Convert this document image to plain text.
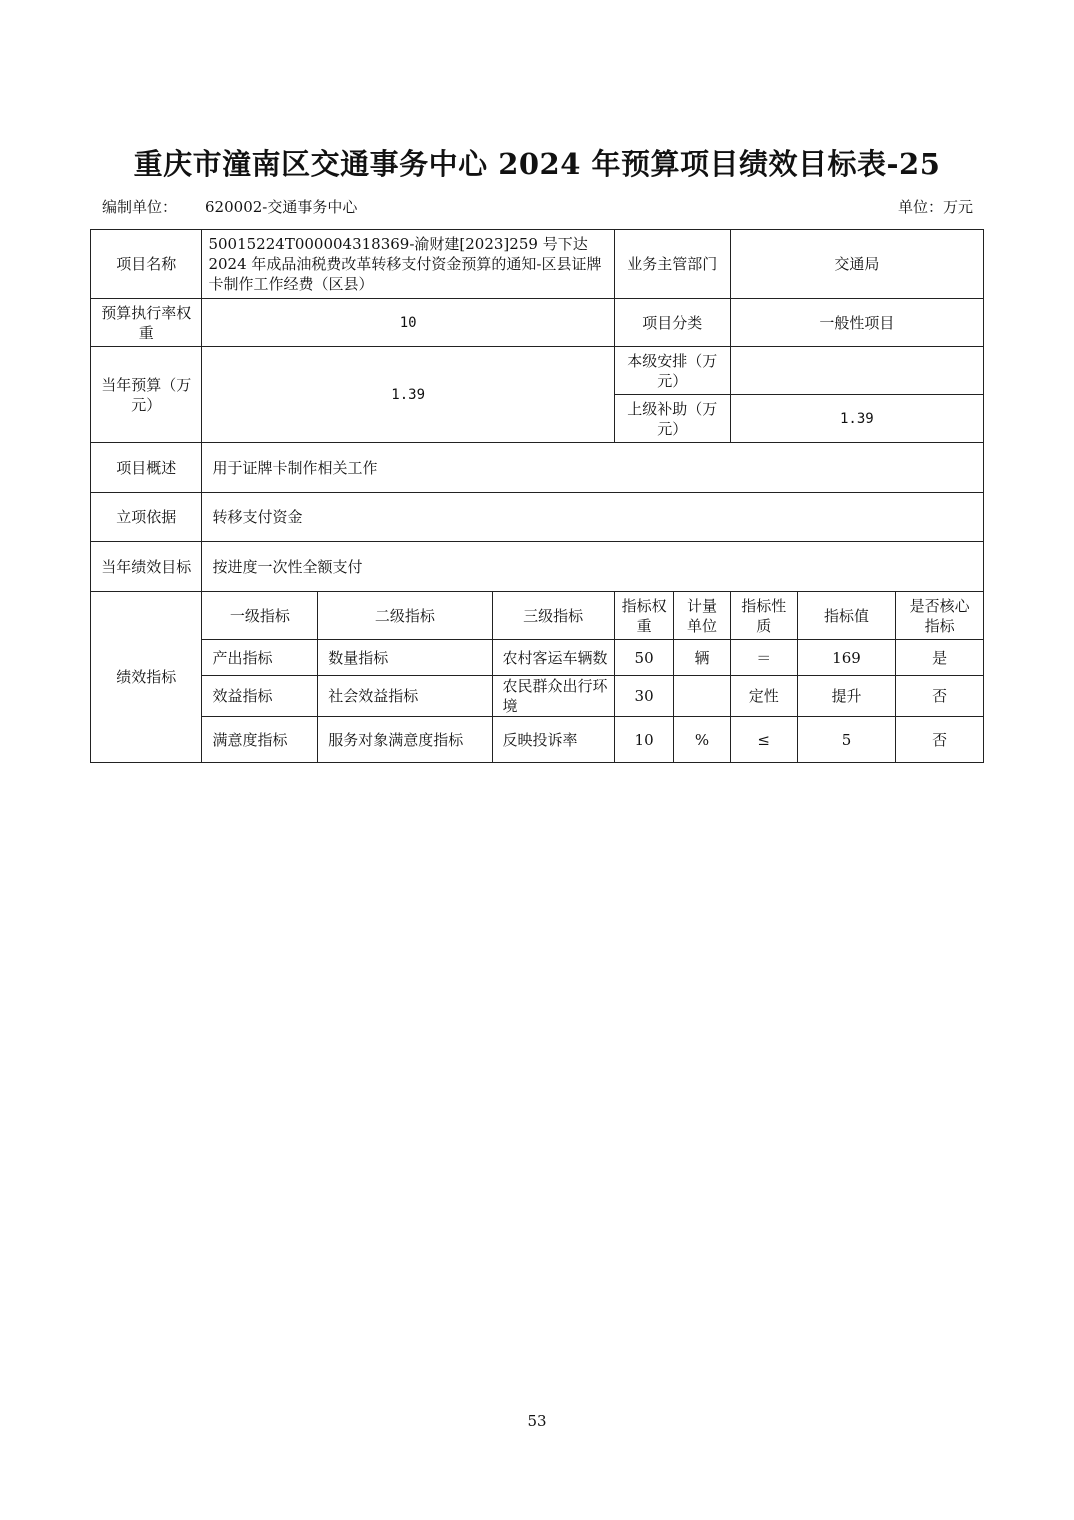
重庆市潼南区交通事务中心 2024 年预算项目绩效目标表-25
编制单位： 620002-交通事务中心	单位：万元
项目名称	50015224T000004318369-渝财建[2023]259 号下达 2024 年成品油税费改革转移支付资金预算的通知-区县证牌卡制作工作经费（区县）			业务主管部门		交通局		
预算执行率权重	10			项目分类		一般性项目		
当年预算（万元）	1.39			本级安排（万元）				
				上级补助（万元）		1.39		
项目概述	用于证牌卡制作相关工作							
立项依据	转移支付资金							
当年绩效目标	按进度一次性全额支付							
绩效指标	一级指标	二级指标	三级指标	指标权重	计量单位	指标性质	指标值	是否核心指标
	产出指标	数量指标	农村客运车辆数	50	辆	＝	169	是
	效益指标	社会效益指标	农民群众出行环境	30		定性	提升	否
	满意度指标	服务对象满意度指标	反映投诉率	10	%	≤	5	否
53
